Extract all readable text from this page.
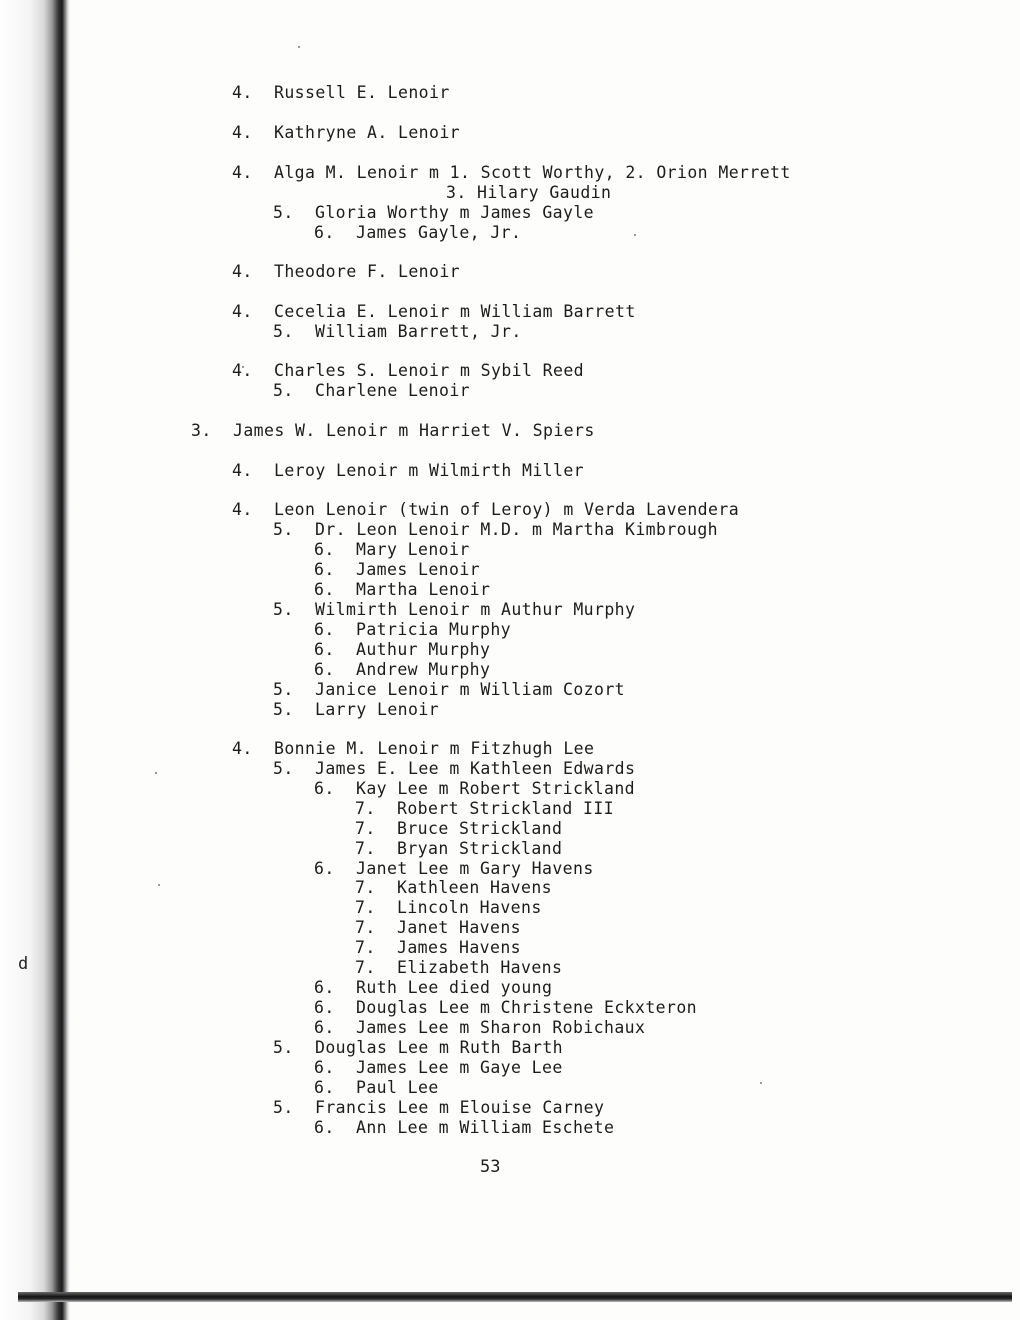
d
4. Russell E. Lenoir
4. Kathryne A. Lenoir
4. Alga M. Lenoir m 1. Scott Worthy, 2. Orion Merrett
3. Hilary Gaudin
5. Gloria Worthy m James Gayle
6. James Gayle, Jr.
4. Theodore F. Lenoir
4. Cecelia E. Lenoir m William Barrett
5. William Barrett, Jr.
4. Charles S. Lenoir m Sybil Reed
5. Charlene Lenoir
3. James W. Lenoir m Harriet V. Spiers
4. Leroy Lenoir m Wilmirth Miller
4. Leon Lenoir (twin of Leroy) m Verda Lavendera
5. Dr. Leon Lenoir M.D. m Martha Kimbrough
6. Mary Lenoir
6. James Lenoir
6. Martha Lenoir
5. Wilmirth Lenoir m Authur Murphy
6. Patricia Murphy
6. Authur Murphy
6. Andrew Murphy
5. Janice Lenoir m William Cozort
5. Larry Lenoir
4. Bonnie M. Lenoir m Fitzhugh Lee
5. James E. Lee m Kathleen Edwards
6. Kay Lee m Robert Strickland
7. Robert Strickland III
7. Bruce Strickland
7. Bryan Strickland
6. Janet Lee m Gary Havens
7. Kathleen Havens
7. Lincoln Havens
7. Janet Havens
7. James Havens
7. Elizabeth Havens
6. Ruth Lee died young
6. Douglas Lee m Christene Eckxteron
6. James Lee m Sharon Robichaux
5. Douglas Lee m Ruth Barth
6. James Lee m Gaye Lee
6. Paul Lee
5. Francis Lee m Elouise Carney
6. Ann Lee m William Eschete
53
